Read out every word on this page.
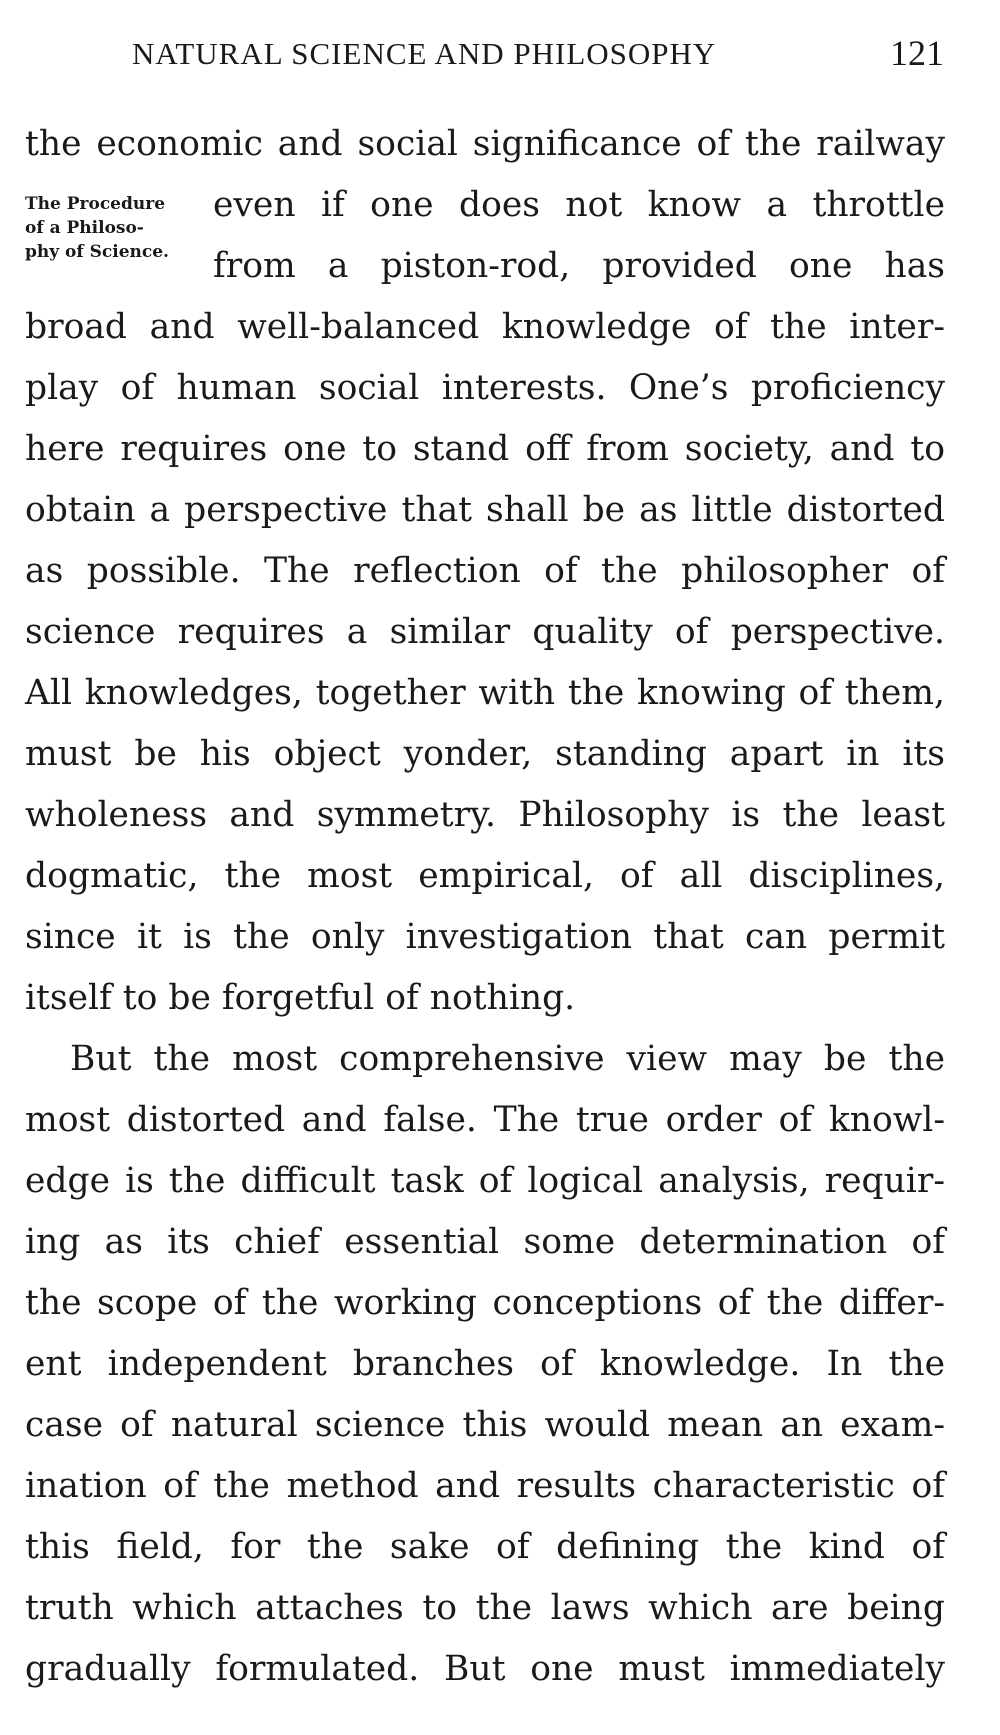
NATURAL SCIENCE AND PHILOSOPHY	121
The Procedure
of a Philoso-
phy of Science.
the economic and social significance of the railway
even if one does not know a throttle
from a piston-rod, provided one has
broad and well-balanced knowledge of the inter-
play of human social interests. One’s proficiency
here requires one to stand off from society, and to
obtain a perspective that shall be as little distorted
as possible. The reflection of the philosopher of
science requires a similar quality of perspective.
All knowledges, together with the knowing of them,
must be his object yonder, standing apart in its
wholeness and symmetry. Philosophy is the least
dogmatic, the most empirical, of all disciplines,
since it is the only investigation that can permit
itself to be forgetful of nothing.
But the most comprehensive view may be the
most distorted and false. The true order of knowl-
edge is the difficult task of logical analysis, requir-
ing as its chief essential some determination of
the scope of the working conceptions of the differ-
ent independent branches of knowledge. In the
case of natural science this would mean an exam-
ination of the method and results characteristic of
this field, for the sake of defining the kind of
truth which attaches to the laws which are being
gradually formulated. But one must immediately
